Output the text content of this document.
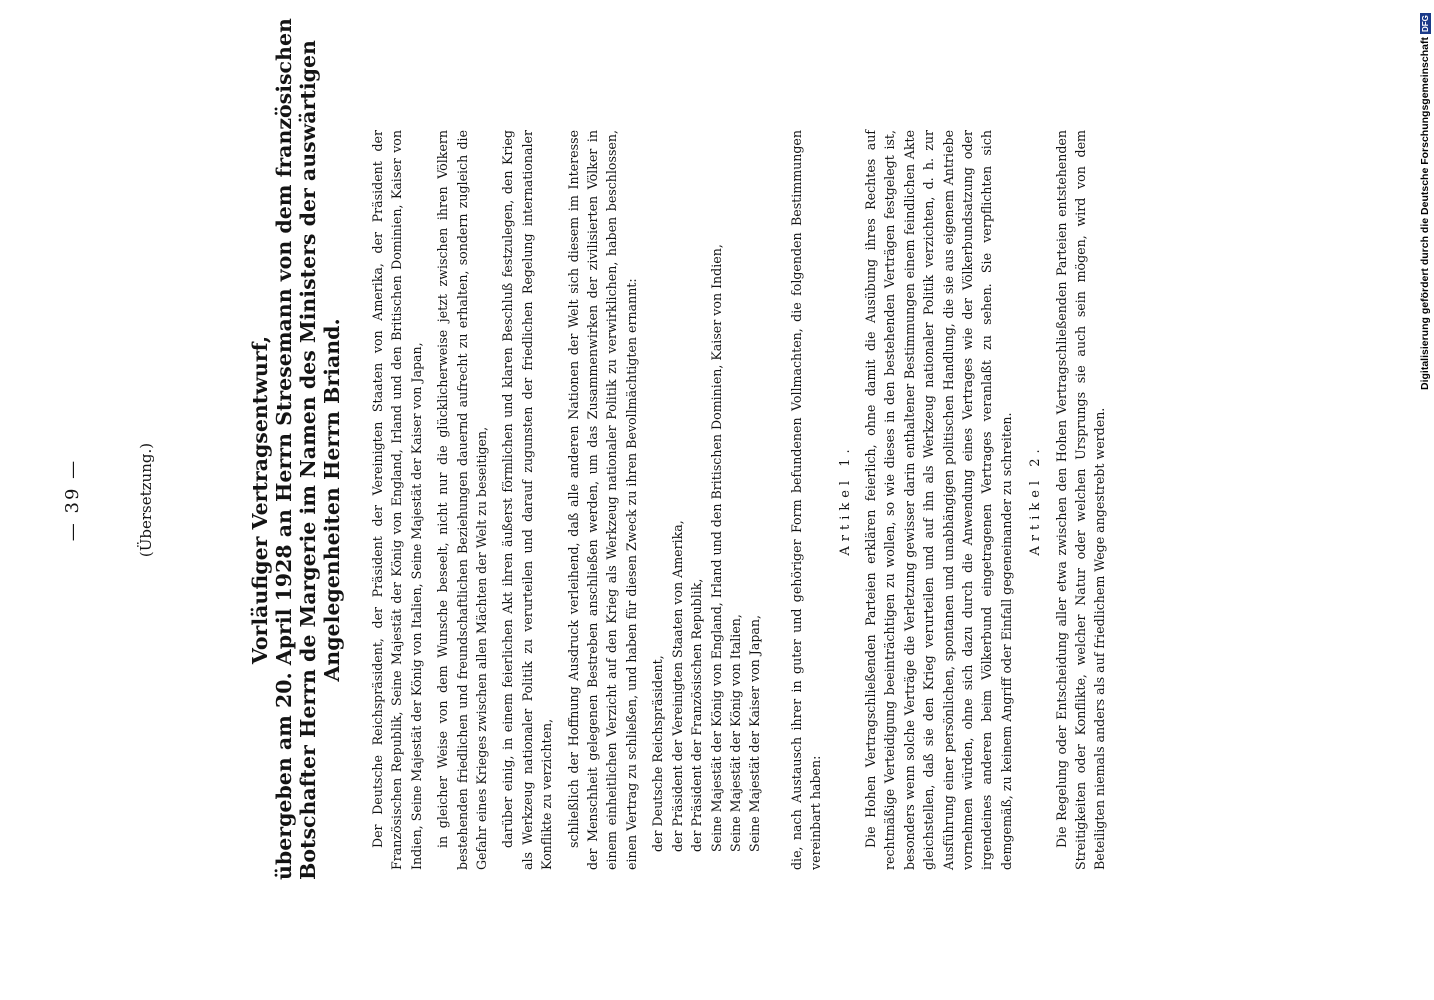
— 39 —	(Übersetzung.)	Vorläufiger Vertragsentwurf, übergeben am 20. April 1928 an Herrn Stresemann von dem französischen Botschafter Herrn de Margerie im Namen des Ministers der auswärtigen Angelegenheiten Herrn Briand. Der Deutsche Reichspräsident, der Präsident der Vereinigten Staaten von Amerika, der Präsident der Französischen Republik, Seine Majestät der König von England, Irland und den Britischen Dominien, Kaiser von Indien, Seine Majestät der König von Italien, Seine Majestät der Kaiser von Japan, in gleicher Weise von dem Wunsche beseelt, nicht nur die glücklicherweise jetzt zwischen ihren Völkern bestehenden friedlichen und freundschaftlichen Beziehungen dauernd aufrecht zu erhalten, sondern zugleich die Gefahr eines Krieges zwischen allen Mächten der Welt zu beseitigen, darüber einig, in einem feierlichen Akt ihren äußerst förmlichen und klaren Beschluß festzulegen, den Krieg als Werkzeug nationaler Politik zu verurteilen und darauf zugunsten der friedlichen Regelung internationaler Konflikte zu verzichten, schließlich der Hoffnung Ausdruck verleihend, daß alle anderen Nationen der Welt sich diesem im Interesse der Menschheit gelegenen Bestreben anschließen werden, um das Zusammenwirken der zivilisierten Völker in einem einheitlichen Verzicht auf den Krieg als Werkzeug nationaler Politik zu verwirklichen, haben beschlossen, einen Vertrag zu schließen, und haben für diesen Zweck zu ihren Bevollmächtigten ernannt: der Deutsche Reichspräsident, der Präsident der Vereinigten Staaten von Amerika, der Präsident der Französischen Republik, Seine Majestät der König von England, Irland und den Britischen Dominien, Kaiser von Indien, Seine Majestät der König von Italien, Seine Majestät der Kaiser von Japan, die, nach Austausch ihrer in guter und gehöriger Form befundenen Vollmachten, die folgenden Bestimmungen vereinbart haben:

Artikel 1. Die Hohen Vertragschließenden Parteien erklären feierlich, ohne damit die Ausübung ihres Rechtes auf rechtmäßige Verteidigung beeinträchtigen zu wollen, so wie dieses in den bestehenden Verträgen festgelegt ist, besonders wenn solche Verträge die Verletzung gewisser darin enthaltener Bestimmungen einem feindlichen Akte gleichstellen, daß sie den Krieg verurteilen und auf ihn als Werkzeug nationaler Politik verzichten, d. h. zur Ausführung einer persönlichen, spontanen und unabhängigen politischen Handlung, die sie aus eigenem Antriebe vornehmen würden, ohne sich dazu durch die Anwendung eines Vertrages wie der Völkerbundsatzung oder irgendeines anderen beim Völkerbund eingetragenen Vertrages veranlaßt zu sehen. Sie verpflichten sich demgemäß, zu keinem Angriff oder Einfall gegeneinander zu schreiten. Artikel 2. Die Regelung oder Entscheidung aller etwa zwischen den Hohen Vertragschließenden Parteien entstehenden Streitigkeiten oder Konflikte, welcher Natur oder welchen Ursprungs sie auch sein mögen, wird von dem Beteiligten niemals anders als auf friedlichem Wege angestrebt werden.

Digitalisierung gefördert durch die Deutsche Forschungsgemeinschaft
DFG
